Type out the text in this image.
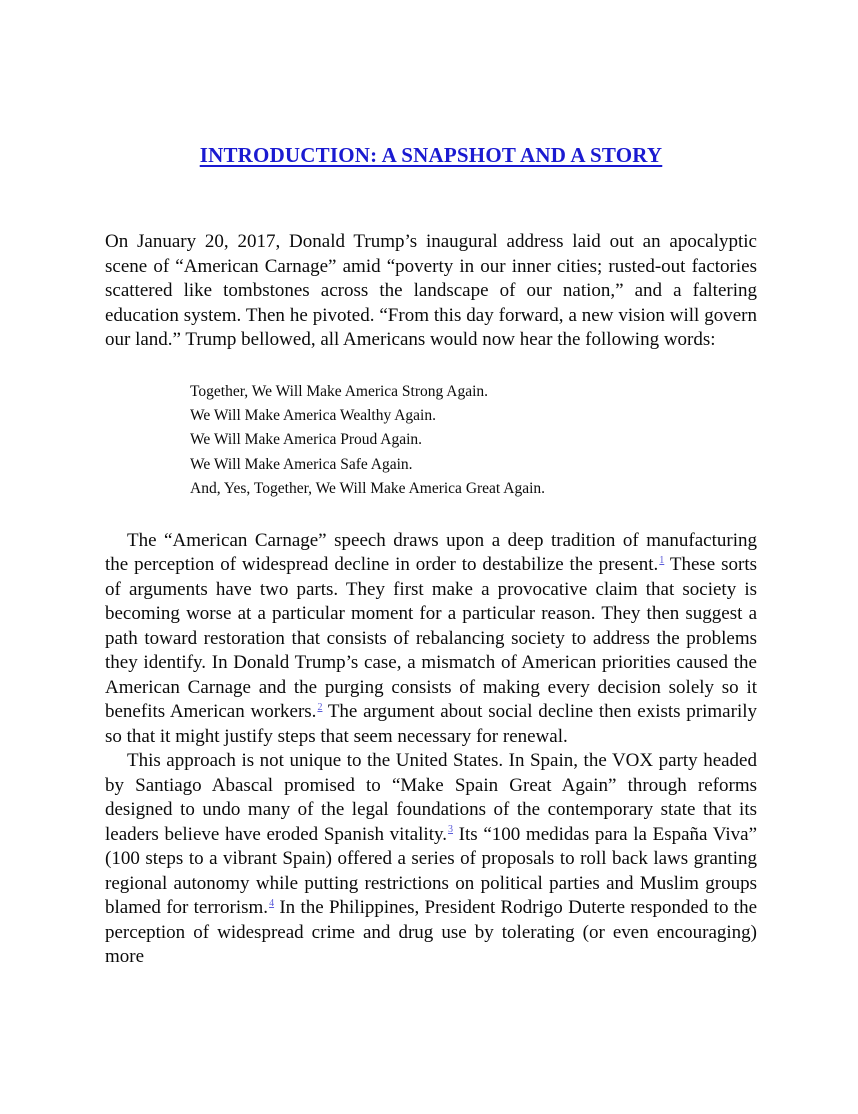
INTRODUCTION: A SNAPSHOT AND A STORY

On January 20, 2017, Donald Trump’s inaugural address laid out an apocalyptic scene of “American Carnage” amid “poverty in our inner cities; rusted-out factories scattered like tombstones across the landscape of our nation,” and a faltering education system. Then he pivoted. “From this day forward, a new vision will govern our land.” Trump bellowed, all Americans would now hear the following words:

Together, We Will Make America Strong Again.

We Will Make America Wealthy Again.

We Will Make America Proud Again.

We Will Make America Safe Again.

And, Yes, Together, We Will Make America Great Again.

The “American Carnage” speech draws upon a deep tradition of manufacturing the perception of widespread decline in order to destabilize the present.$^1$ These sorts of arguments have two parts. They first make a provocative claim that society is becoming worse at a particular moment for a particular reason. They then suggest a path toward restoration that consists of rebalancing society to address the problems they identify. In Donald Trump’s case, a mismatch of American priorities caused the American Carnage and the purging consists of making every decision solely so it benefits American workers.$^2$ The argument about social decline then exists primarily so that it might justify steps that seem necessary for renewal.

This approach is not unique to the United States. In Spain, the VOX party headed by Santiago Abascal promised to “Make Spain Great Again” through reforms designed to undo many of the legal foundations of the contemporary state that its leaders believe have eroded Spanish vitality.$^3$ Its “100 medidas para la España Viva” (100 steps to a vibrant Spain) offered a series of proposals to roll back laws granting regional autonomy while putting restrictions on political parties and Muslim groups blamed for terrorism.$^4$ In the Philippines, President Rodrigo Duterte responded to the perception of widespread crime and drug use by tolerating (or even encouraging) more
